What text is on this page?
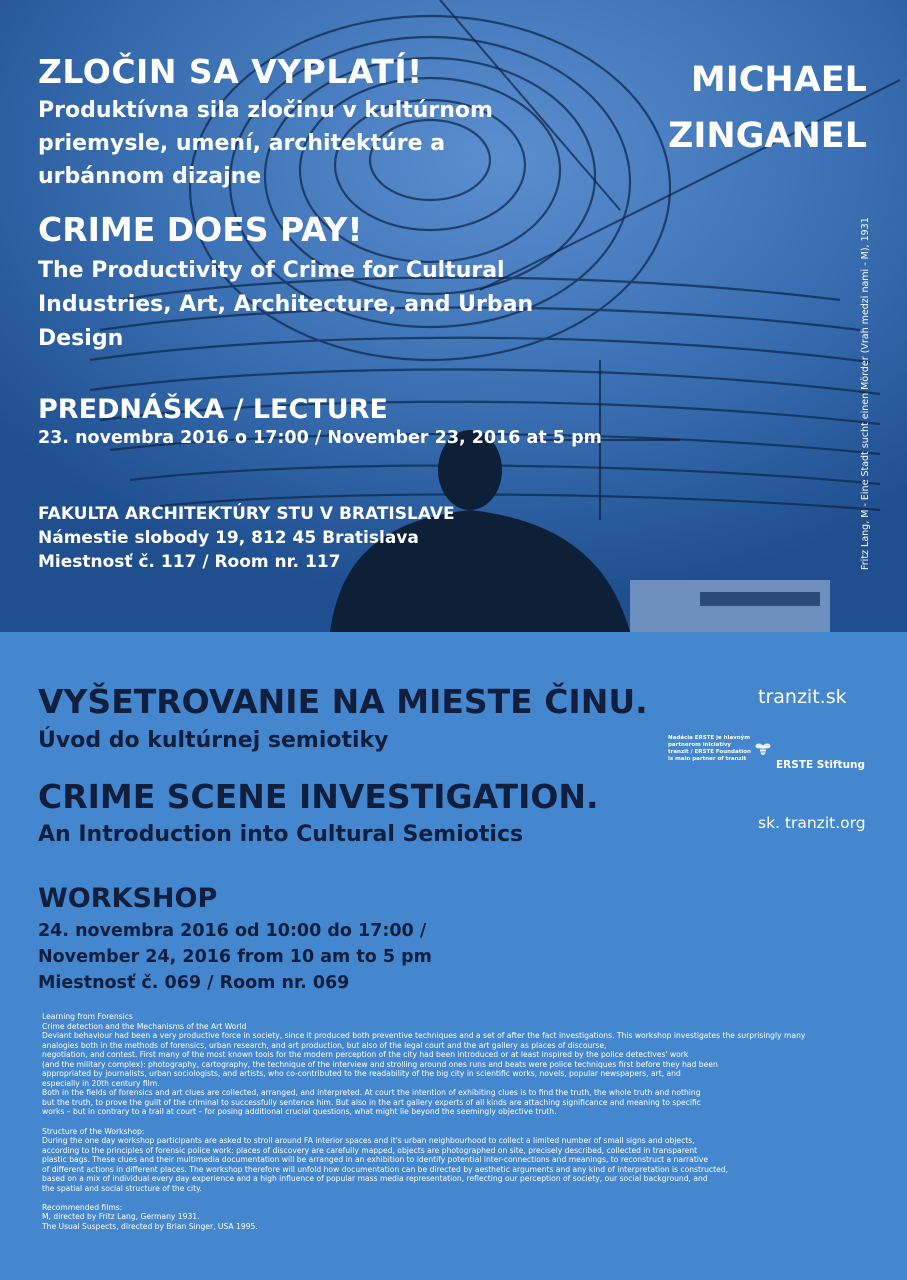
ZLOČIN SA VYPLATÍ!
Produktívna sila zločinu v kultúrnom priemysle, umení, architektúre a urbánnom dizajne
CRIME DOES PAY!
The Productivity of Crime for Cultural Industries, Art, Architecture, and Urban Design
PREDNÁŠKA / LECTURE
23. novembra 2016 o 17:00 / November 23, 2016 at 5 pm
FAKULTA ARCHITEKTÚRY STU V BRATISLAVE
Námestie slobody 19, 812 45 Bratislava
Miestnosť č. 117 / Room nr. 117
MICHAEL
ZINGANEL
Fritz Lang, M - Eine Stadt sucht einen Mörder (Vrah medzi nami - M), 1931
VYŠETROVANIE NA MIESTE ČINU.
Úvod do kultúrnej semiotiky
CRIME SCENE INVESTIGATION.
An Introduction into Cultural Semiotics
WORKSHOP
24. novembra 2016 od 10:00 do 17:00 /
November 24, 2016 from 10 am to 5 pm
Miestnosť č. 069 / Room nr. 069
tranzit.sk
Nadácia ERSTE je hlavným partnerom iniciatívy tranzit / ERSTE Foundation is main partner of tranzit	ERSTE Stiftung
sk. tranzit.org

Learning from Forensics

Crime detection and the Mechanisms of the Art World

Deviant behaviour had been a very productive force in society, since it produced both preventive techniques and a set of after the fact investigations. This workshop investigates the surprisingly many

analogies both in the methods of forensics, urban research, and art production, but also of the legal court and the art gallery as places of discourse,

negotiation, and contest. First many of the most known tools for the modern perception of the city had been introduced or at least inspired by the police detectives' work

(and the military complex): photography, cartography, the technique of the interview and strolling around ones runs and beats were police techniques first before they had been

appropriated by journalists, urban sociologists, and artists, who co-contributed to the readability of the big city in scientific works, novels, popular newspapers, art, and

especially in 20th century film.

Both in the fields of forensics and art clues are collected, arranged, and interpreted. At court the intention of exhibiting clues is to find the truth, the whole truth and nothing

but the truth, to prove the guilt of the criminal to successfully sentence him. But also in the art gallery experts of all kinds are attaching significance and meaning to specific

works – but in contrary to a trail at court – for posing additional crucial questions, what might lie beyond the seemingly objective truth.

Structure of the Workshop:

During the one day workshop participants are asked to stroll around FA interior spaces and it's urban neighbourhood to collect a limited number of small signs and objects,

according to the principles of forensic police work: places of discovery are carefully mapped, objects are photographed on site, precisely described, collected in transparent

plastic bags. These clues and their multimedia documentation will be arranged in an exhibition to identify potential inter-connections and meanings, to reconstruct a narrative

of different actions in different places. The workshop therefore will unfold how documentation can be directed by aesthetic arguments and any kind of interpretation is constructed,

based on a mix of individual every day experience and a high influence of popular mass media representation, reflecting our perception of society, our social background, and

the spatial and social structure of the city.

Recommended films:

M, directed by Fritz Lang, Germany 1931.

The Usual Suspects, directed by Brian Singer, USA 1995.
